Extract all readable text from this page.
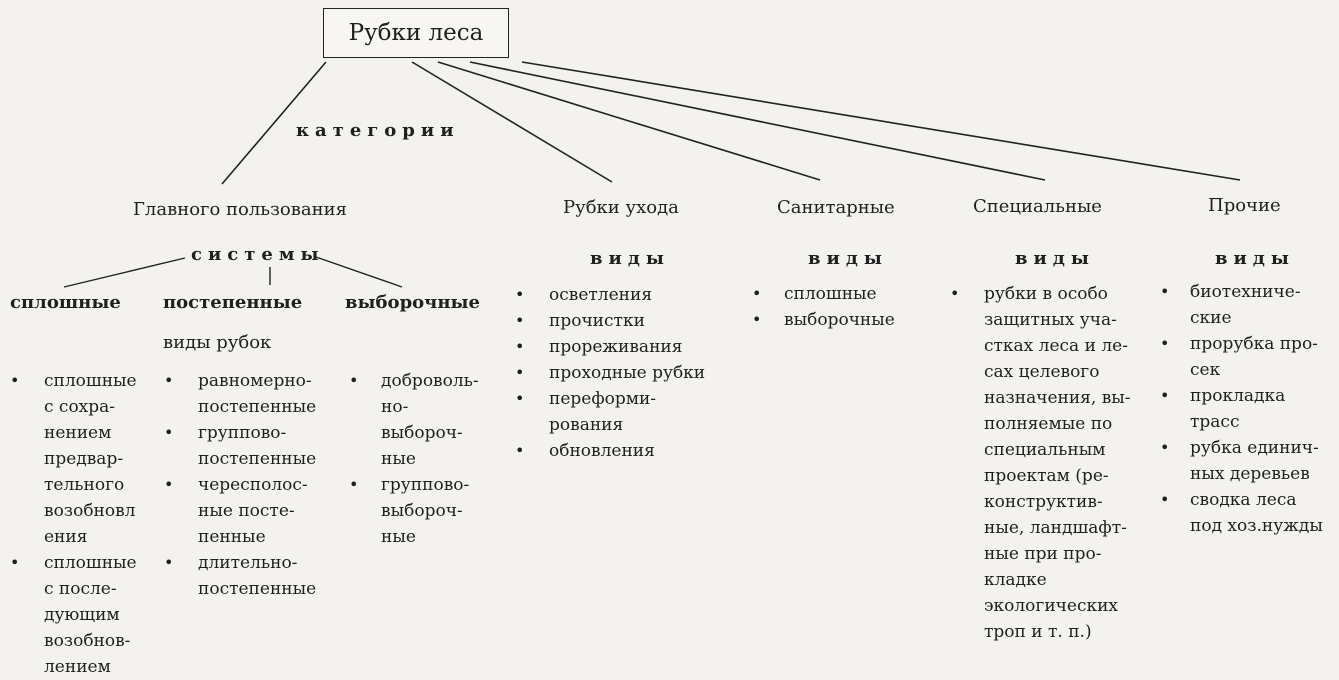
Рубки леса
категории
Главного пользования
системы
сплошные постепенные выборочные
виды рубок
• сплошные
с сохра-
нением
предвар-
тельного
возобновл
ения
• сплошные
с после-
дующим
возобнов-
лением
• равномерно-
постепенные
• группово-
постепенные
• чересполос-
ные посте-
пенные
• длительно-
постепенные
• доброволь-
но-
выбороч-
ные
• группово-
выбороч-
ные
Рубки ухода
виды
• осветления
• прочистки
• прореживания
• проходные рубки
• переформи-
рования
• обновления
Санитарные
виды
• сплошные
• выборочные
Специальные
виды
• рубки в особо
защитных уча-
стках леса и ле-
сах целевого
назначения, вы-
полняемые по
специальным
проектам (ре-
конструктив-
ные, ландшафт-
ные при про-
кладке
экологических
троп и т. п.)
Прочие
виды
• биотехниче-
ские
• прорубка про-
сек
• прокладка
трасс
• рубка единич-
ных деревьев
• сводка леса
под хоз.нужды
